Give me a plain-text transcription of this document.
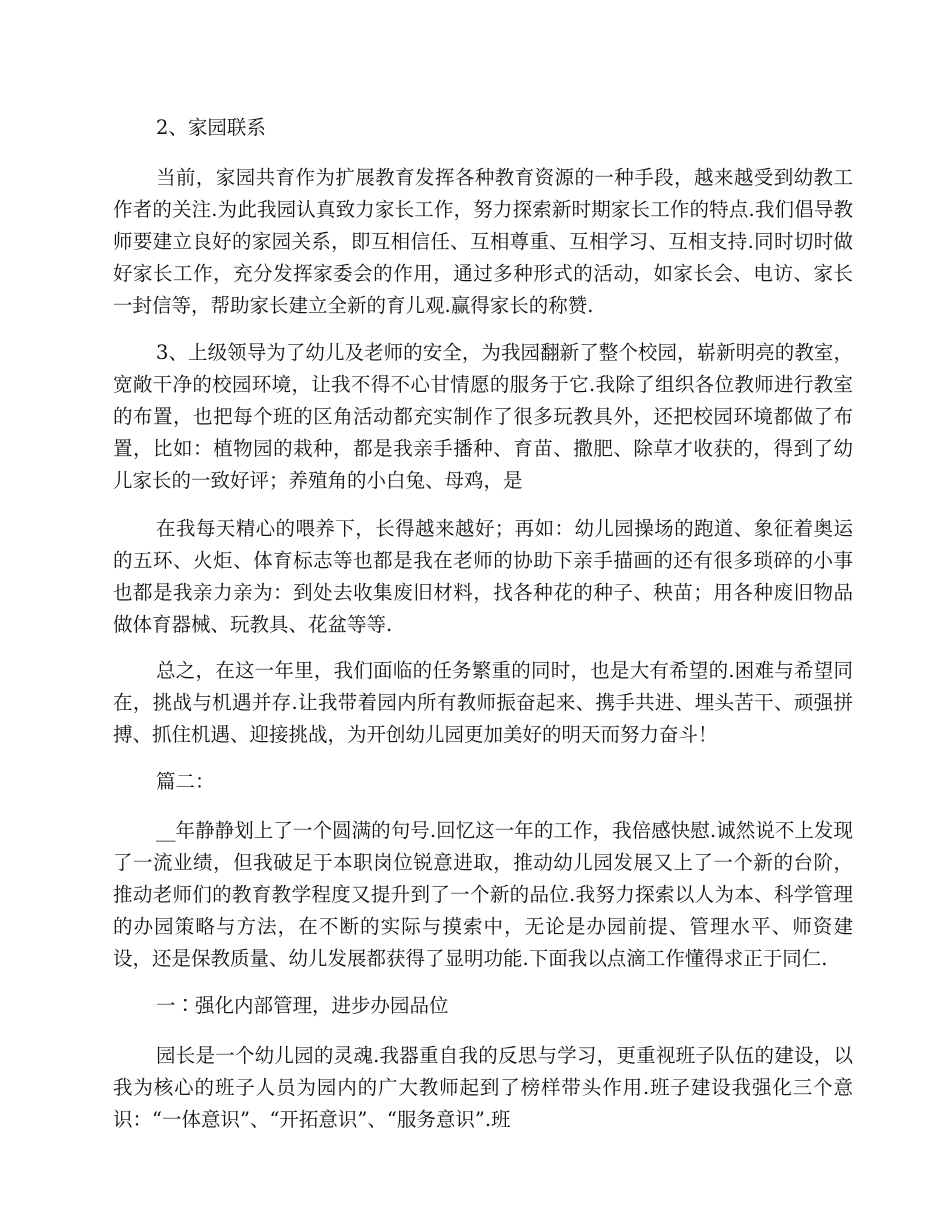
2、家园联系
当前，家园共育作为扩展教育发挥各种教育资源的一种手段，越来越受到幼教工作者的关注.为此我园认真致力家长工作，努力探索新时期家长工作的特点.我们倡导教师要建立良好的家园关系，即互相信任、互相尊重、互相学习、互相支持.同时切时做好家长工作，充分发挥家委会的作用，通过多种形式的活动，如家长会、电访、家长一封信等，帮助家长建立全新的育儿观.赢得家长的称赞.
3、上级领导为了幼儿及老师的安全，为我园翻新了整个校园，崭新明亮的教室，宽敞干净的校园环境，让我不得不心甘情愿的服务于它.我除了组织各位教师进行教室的布置，也把每个班的区角活动都充实制作了很多玩教具外，还把校园环境都做了布置，比如：植物园的栽种，都是我亲手播种、育苗、撒肥、除草才收获的，得到了幼儿家长的一致好评；养殖角的小白兔、母鸡，是
在我每天精心的喂养下，长得越来越好；再如：幼儿园操场的跑道、象征着奥运的五环、火炬、体育标志等也都是我在老师的协助下亲手描画的还有很多琐碎的小事也都是我亲力亲为：到处去收集废旧材料，找各种花的种子、秧苗；用各种废旧物品做体育器械、玩教具、花盆等等.
总之，在这一年里，我们面临的任务繁重的同时，也是大有希望的.困难与希望同在，挑战与机遇并存.让我带着园内所有教师振奋起来、携手共进、埋头苦干、顽强拼搏、抓住机遇、迎接挑战，为开创幼儿园更加美好的明天而努力奋斗！
篇二：
__年静静划上了一个圆满的句号.回忆这一年的工作，我倍感快慰.诚然说不上发现了一流业绩，但我破足于本职岗位锐意进取，推动幼儿园发展又上了一个新的台阶，推动老师们的教育教学程度又提升到了一个新的品位.我努力探索以人为本、科学管理的办园策略与方法，在不断的实际与摸索中，无论是办园前提、管理水平、师资建设，还是保教质量、幼儿发展都获得了显明功能.下面我以点滴工作懂得求正于同仁.
一∶强化内部管理，进步办园品位
园长是一个幼儿园的灵魂.我器重自我的反思与学习，更重视班子队伍的建设，以我为核心的班子人员为园内的广大教师起到了榜样带头作用.班子建设我强化三个意识：“一体意识”、“开拓意识”、“服务意识”.班
